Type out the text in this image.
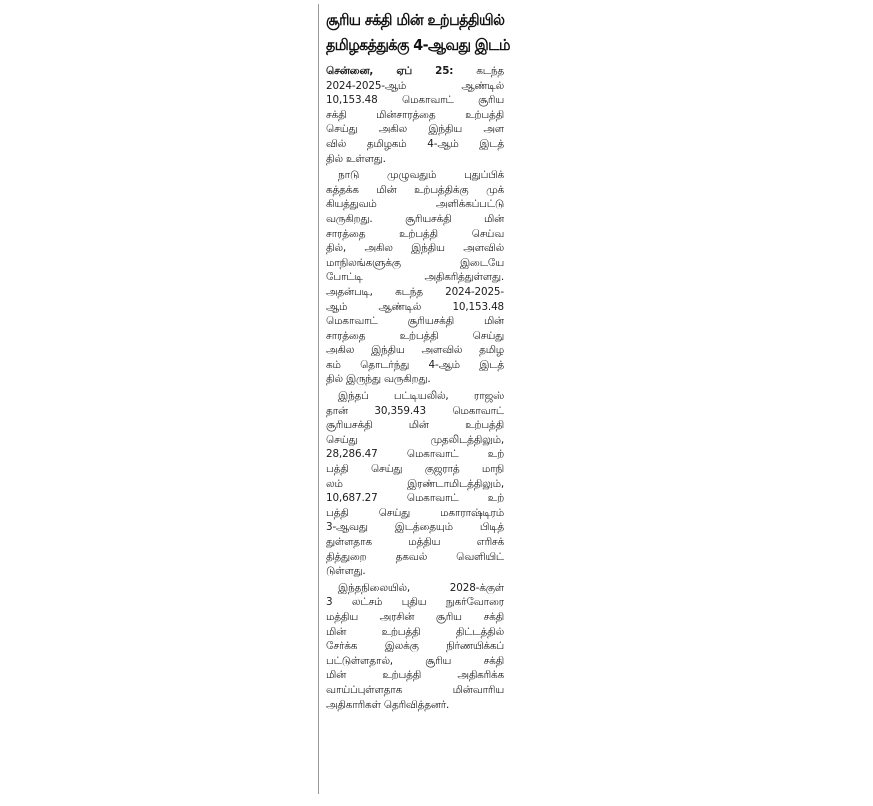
சூரிய சக்தி மின் உற்பத்தியில்
தமிழகத்துக்கு 4-ஆவது இடம்
சென்னை, ஏப் 25: கடந்த
2024-2025-ஆம் ஆண்டில்
10,153.48 மெகாவாட் சூரிய
சக்தி மின்சாரத்தை உற்பத்தி
செய்து அகில இந்திய அள
வில் தமிழகம் 4-ஆம் இடத்
தில் உள்ளது.
நாடு முழுவதும் புதுப்பிக்
கத்தக்க மின் உற்பத்திக்கு முக்
கியத்துவம் அளிக்கப்பட்டு
வருகிறது. சூரியசக்தி மின்
சாரத்தை உற்பத்தி செய்வ
தில், அகில இந்திய அளவில்
மாநிலங்களுக்கு இடையே
போட்டி அதிகரித்துள்ளது.
அதன்படி, கடந்த 2024-2025-
ஆம் ஆண்டில் 10,153.48
மெகாவாட் சூரியசக்தி மின்
சாரத்தை உற்பத்தி செய்து
அகில இந்திய அளவில் தமிழ
கம் தொடர்ந்து 4-ஆம் இடத்
தில் இருந்து வருகிறது.
இந்தப் பட்டியலில், ராஜஸ்
தான் 30,359.43 மெகாவாட்
சூரியசக்தி மின் உற்பத்தி
செய்து முதலிடத்திலும்,
28,286.47 மெகாவாட் உற்
பத்தி செய்து குஜராத் மாநி
லம் இரண்டாமிடத்திலும்,
10,687.27 மெகாவாட் உற்
பத்தி செய்து மகாராஷ்டிரம்
3-ஆவது இடத்தையும் பிடித்
துள்ளதாக மத்திய எரிசக்
தித்துறை தகவல் வெளியிட்
டுள்ளது.
இந்தநிலையில், 2028-க்குள்
3 லட்சம் புதிய நுகர்வோரை
மத்திய அரசின் சூரிய சக்தி
மின் உற்பத்தி திட்டத்தில்
சேர்க்க இலக்கு நிர்ணயிக்கப்
பட்டுள்ளதால், சூரிய சக்தி
மின் உற்பத்தி அதிகரிக்க
வாய்ப்புள்ளதாக மின்வாரிய
அதிகாரிகள் தெரிவித்தனர்.
